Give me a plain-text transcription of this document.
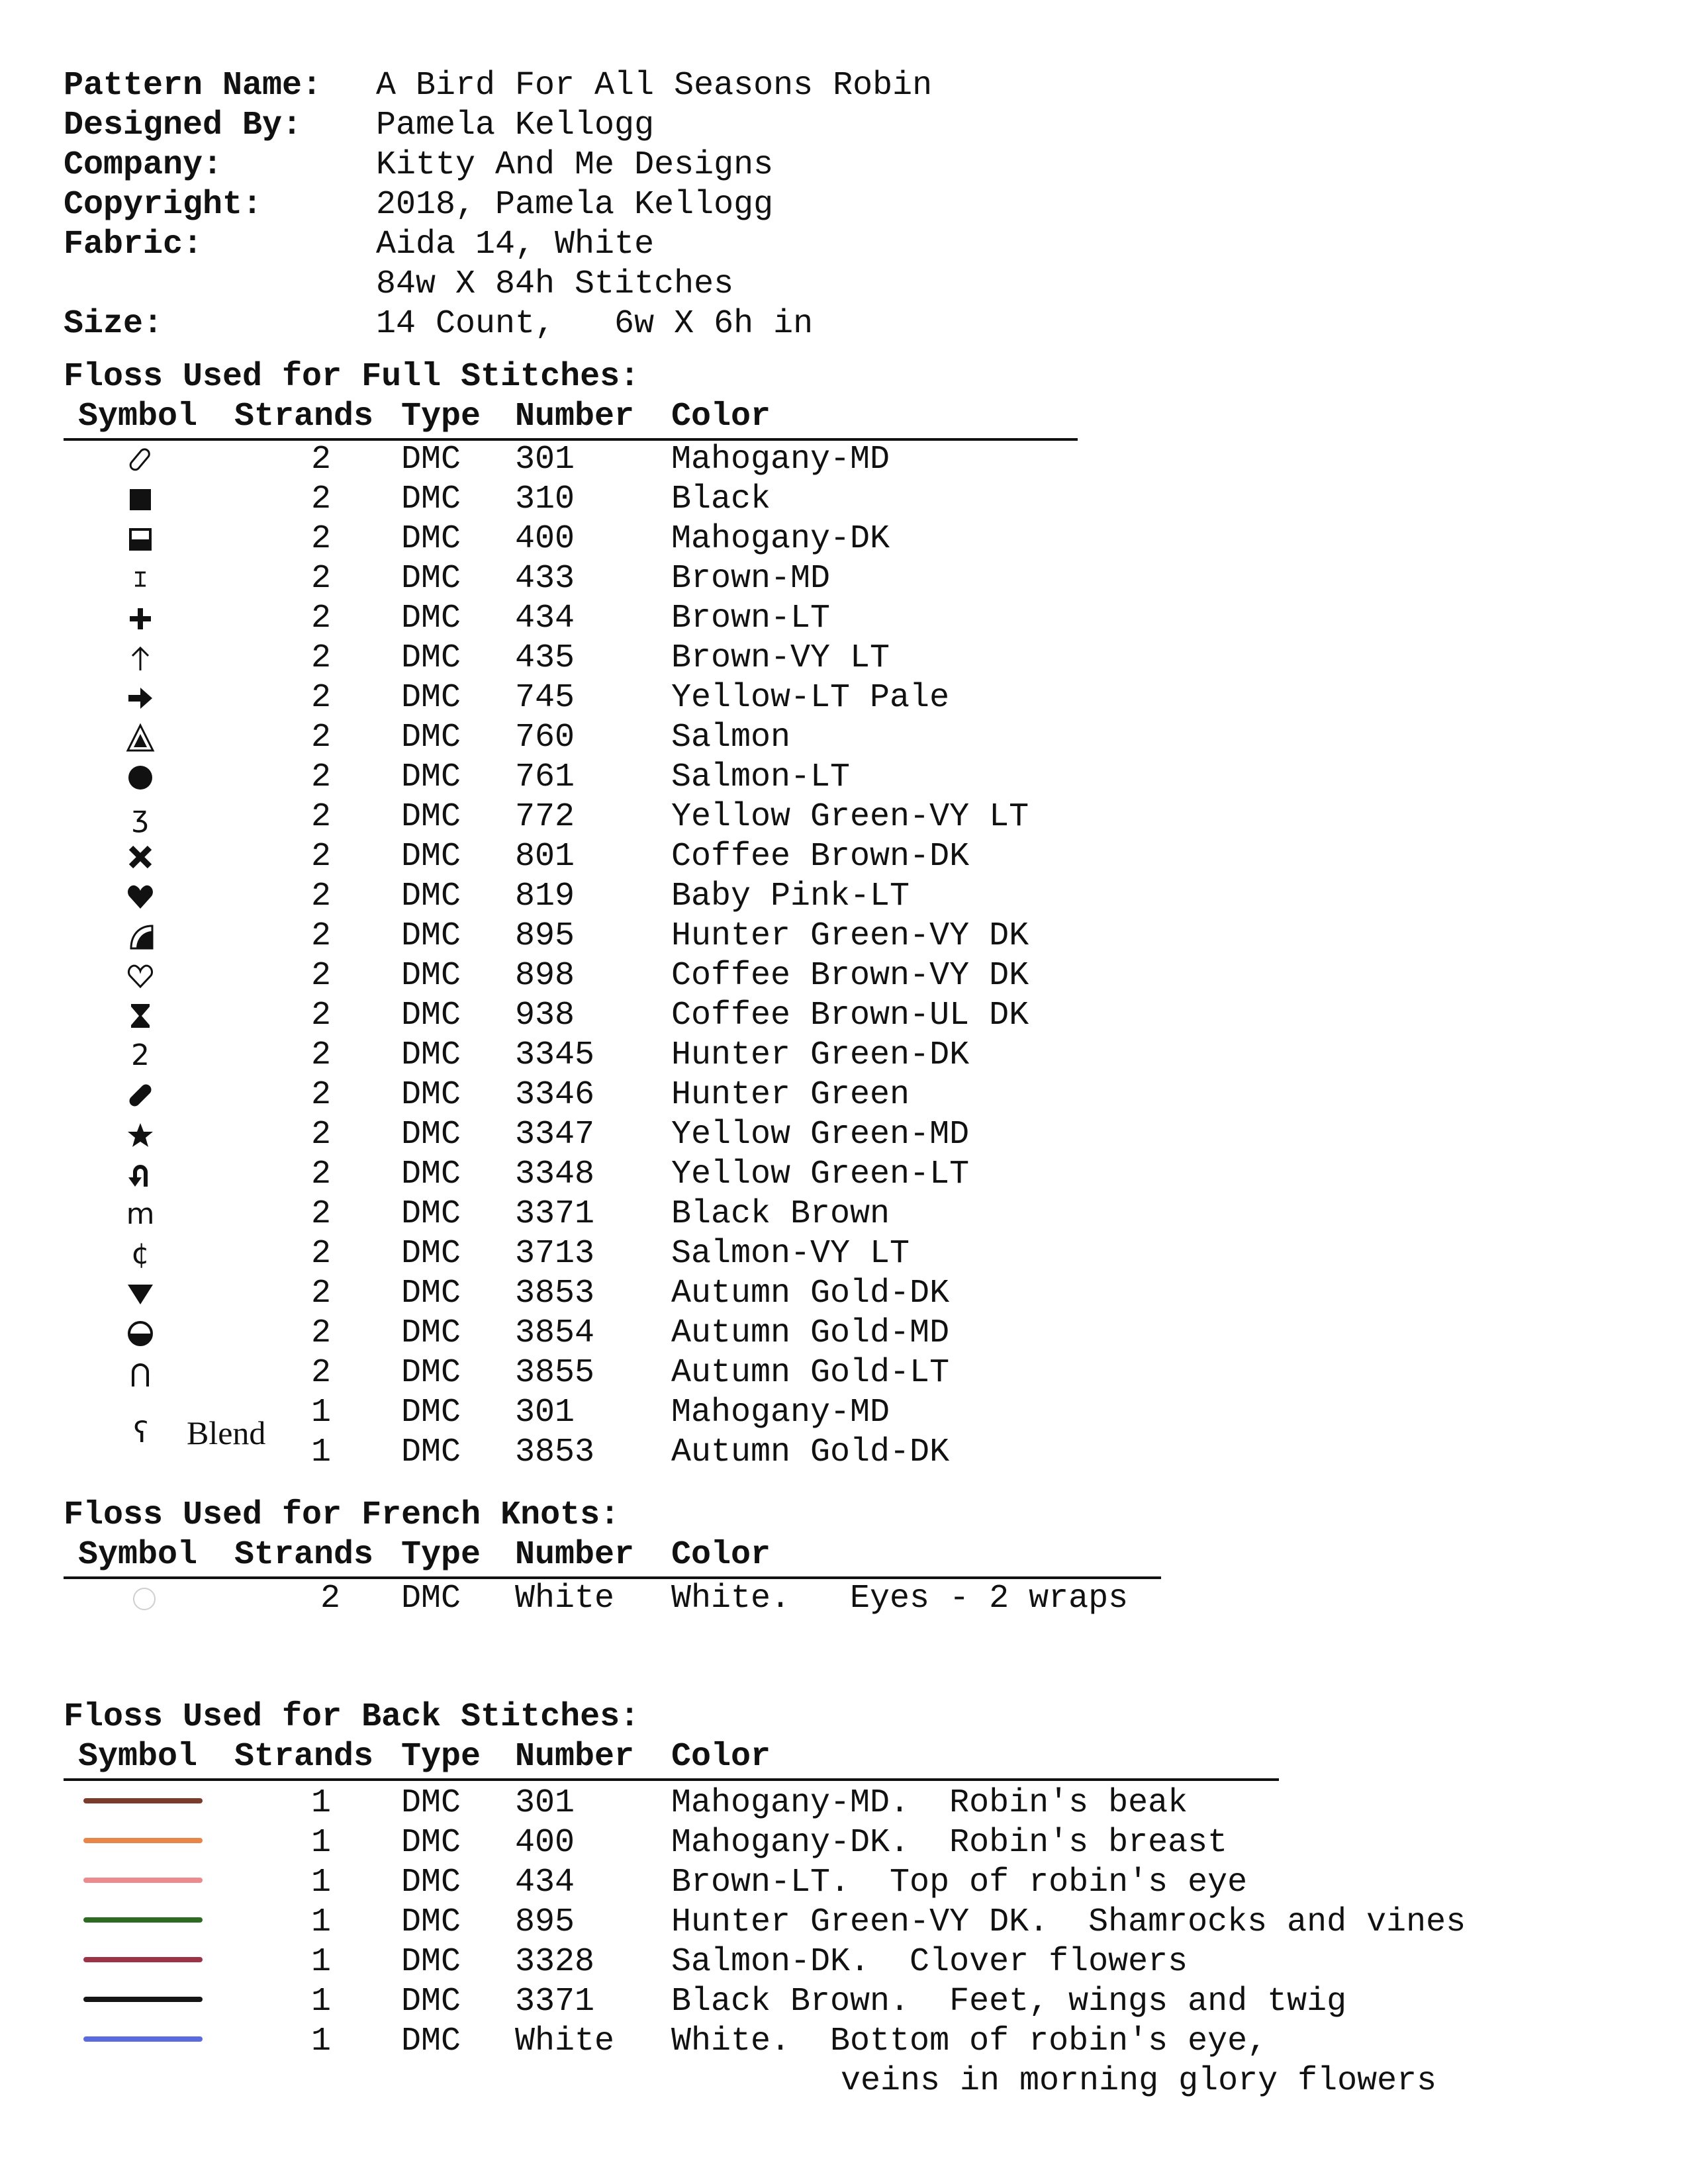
Pattern Name: A Bird For All Seasons Robin
Designed By: Pamela Kellogg
Company:	Kitty And Me Designs
Copyright:	2018, Pamela Kellogg
Fabric:	Aida 14, White
84w X 84h Stitches
Size:	14 Count,   6w X 6h in
Floss Used for Full Stitches:
Symbol Strands Type Number Color
2 DMC 301	Mahogany-MD
2 DMC 310	Black
2 DMC 400	Mahogany-DK
2 DMC 433	Brown-MD
2 DMC 434	Brown-LT
2 DMC 435	Brown-VY LT
2 DMC 745	Yellow-LT Pale
2 DMC 760	Salmon
2 DMC 761	Salmon-LT
ʒ	2 DMC 772	Yellow Green-VY LT
2 DMC 801	Coffee Brown-DK
2 DMC 819	Baby Pink-LT
2 DMC 895	Hunter Green-VY DK
2 DMC 898	Coffee Brown-VY DK
2 DMC 938	Coffee Brown-UL DK
2	2 DMC 3345 Hunter Green-DK
2 DMC 3346 Hunter Green
2 DMC 3347 Yellow Green-MD
2 DMC 3348 Yellow Green-LT
m	2 DMC 3371 Black Brown
¢	2 DMC 3713 Salmon-VY LT
2 DMC 3853 Autumn Gold-DK
2 DMC 3854 Autumn Gold-MD
2 DMC 3855 Autumn Gold-LT
ʕ Blend
1 DMC 301	Mahogany-MD
1 DMC 3853 Autumn Gold-DK
Floss Used for French Knots:
Symbol Strands Type Number Color
2 DMC White White.   Eyes - 2 wraps
Floss Used for Back Stitches:
Symbol Strands Type Number Color
1 DMC 301	Mahogany-MD.  Robin's beak
1 DMC 400	Mahogany-DK.  Robin's breast
1 DMC 434	Brown-LT.  Top of robin's eye
1 DMC 895	Hunter Green-VY DK.  Shamrocks and vines
1 DMC 3328 Salmon-DK.  Clover flowers
1 DMC 3371 Black Brown.  Feet, wings and twig
1 DMC White White.  Bottom of robin's eye,
veins in morning glory flowers
